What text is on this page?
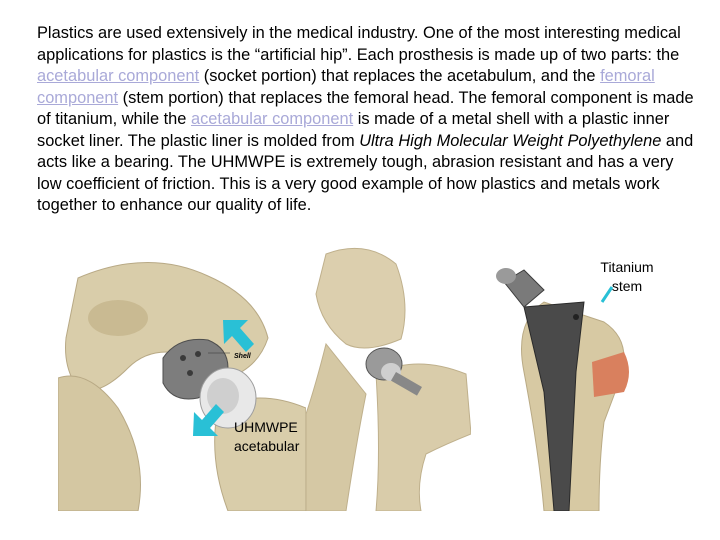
Plastics are used extensively in the medical industry. One of the most interesting medical applications for plastics is the “artificial hip”. Each prosthesis is made up of two parts: the acetabular component (socket portion) that replaces the acetabulum, and the femoral component (stem portion) that replaces the femoral head. The femoral component is made of titanium, while the acetabular component is made of a metal shell with a plastic inner socket liner. The plastic liner is molded from Ultra High Molecular Weight Polyethylene and acts like a bearing. The UHMWPE is extremely tough, abrasion resistant and has a very low coefficient of friction. This is a very good example of how plastics and metals work together to enhance our quality of life.

Shell
Titanium
stem
UHMWPE
acetabular
